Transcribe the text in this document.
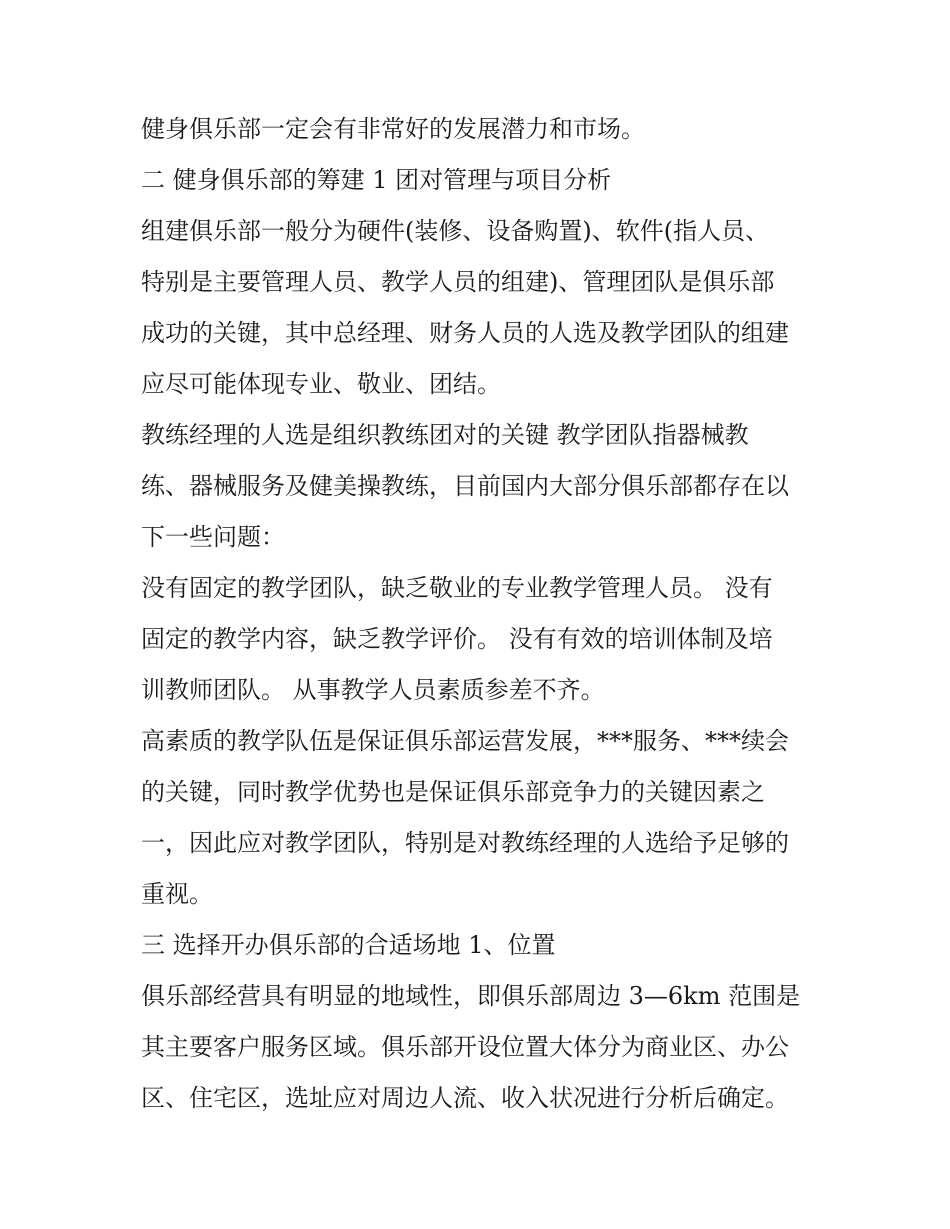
健身俱乐部一定会有非常好的发展潜力和市场。
二 健身俱乐部的筹建 1 团对管理与项目分析
组建俱乐部一般分为硬件(装修、设备购置)、软件(指人员、
特别是主要管理人员、教学人员的组建)、管理团队是俱乐部
成功的关键，其中总经理、财务人员的人选及教学团队的组建
应尽可能体现专业、敬业、团结。
教练经理的人选是组织教练团对的关键 教学团队指器械教
练、器械服务及健美操教练，目前国内大部分俱乐部都存在以
下一些问题：
没有固定的教学团队，缺乏敬业的专业教学管理人员。 没有
固定的教学内容，缺乏教学评价。 没有有效的培训体制及培
训教师团队。 从事教学人员素质参差不齐。
高素质的教学队伍是保证俱乐部运营发展，***服务、***续会
的关键，同时教学优势也是保证俱乐部竞争力的关键因素之
一，因此应对教学团队，特别是对教练经理的人选给予足够的
重视。
三 选择开办俱乐部的合适场地 1、位置
俱乐部经营具有明显的地域性，即俱乐部周边 3—6km 范围是
其主要客户服务区域。俱乐部开设位置大体分为商业区、办公
区、住宅区，选址应对周边人流、收入状况进行分析后确定。
